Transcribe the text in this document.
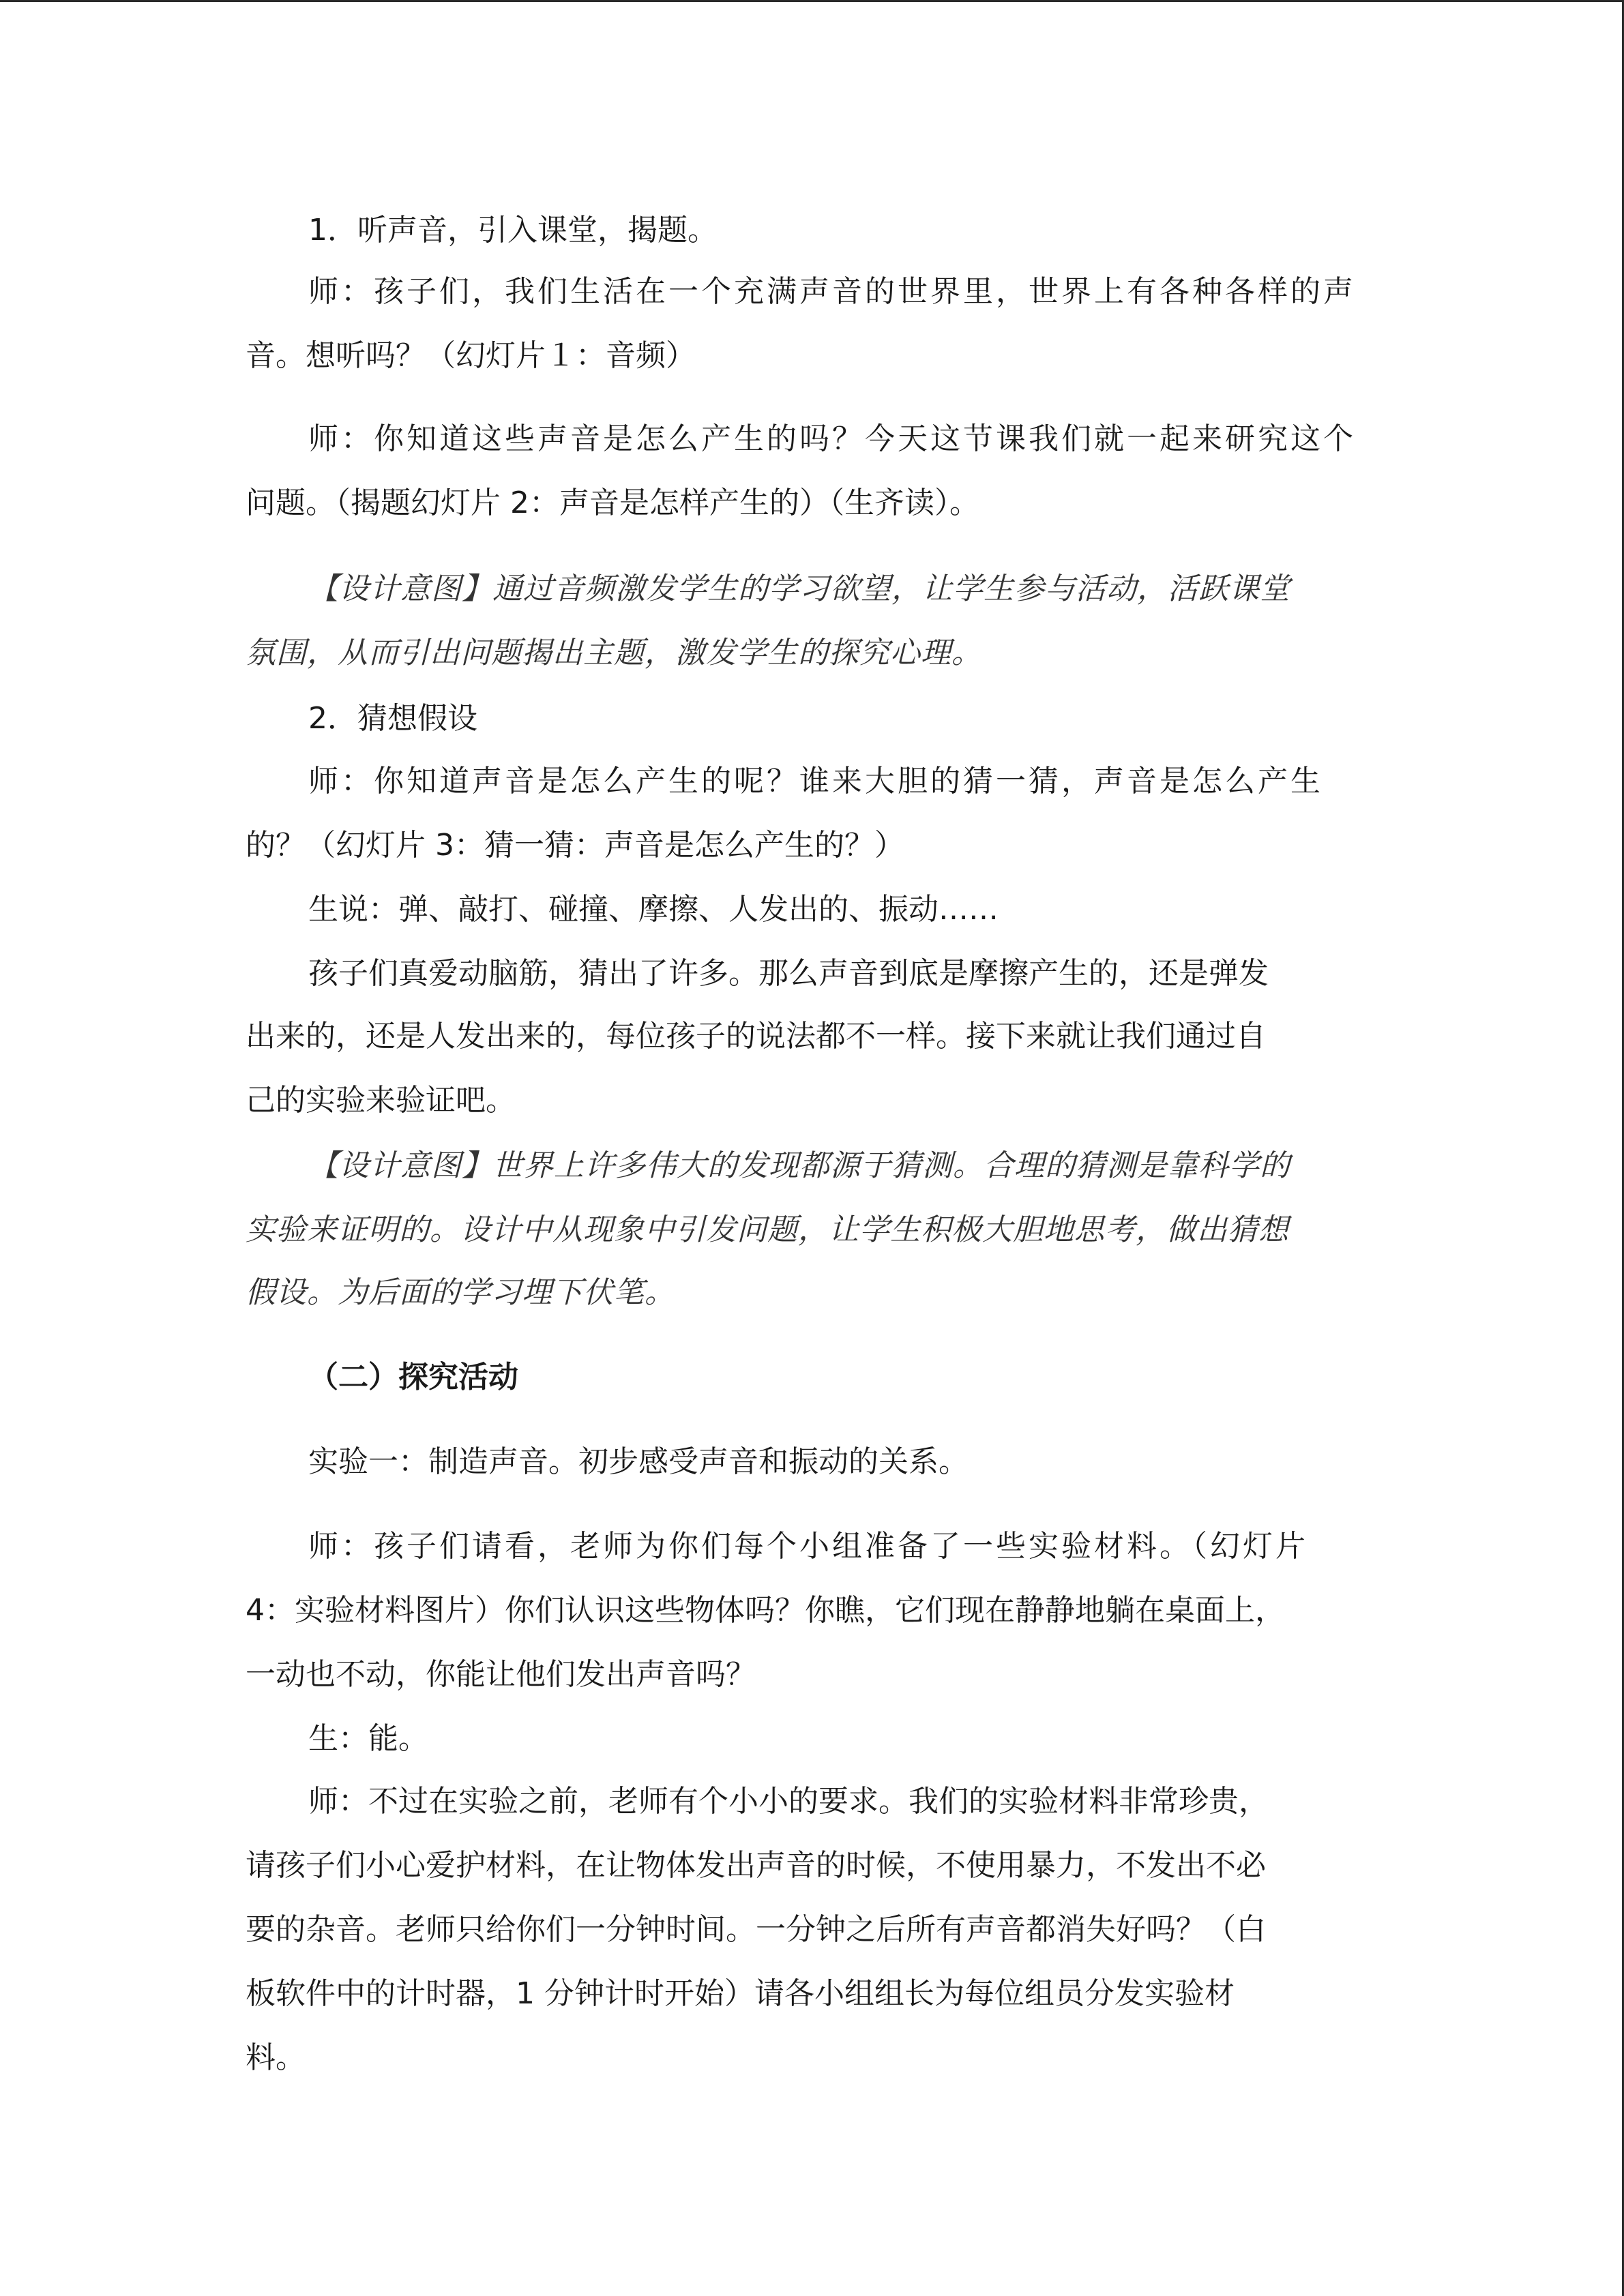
1．听声音，引入课堂，揭题。

师：孩子们，我们生活在一个充满声音的世界里，世界上有各种各样的声

音。想听吗？（幻灯片１：音频）

师：你知道这些声音是怎么产生的吗？今天这节课我们就一起来研究这个

问题。（揭题幻灯片 2：声音是怎样产生的）（生齐读）。

【设计意图】通过音频激发学生的学习欲望，让学生参与活动，活跃课堂

氛围，从而引出问题揭出主题，激发学生的探究心理。

2．猜想假设

师：你知道声音是怎么产生的呢？谁来大胆的猜一猜，声音是怎么产生

的？（幻灯片 3：猜一猜：声音是怎么产生的？）

生说：弹、敲打、碰撞、摩擦、人发出的、振动……

孩子们真爱动脑筋，猜出了许多。那么声音到底是摩擦产生的，还是弹发

出来的，还是人发出来的，每位孩子的说法都不一样。接下来就让我们通过自

己的实验来验证吧。

【设计意图】世界上许多伟大的发现都源于猜测。合理的猜测是靠科学的

实验来证明的。设计中从现象中引发问题，让学生积极大胆地思考，做出猜想

假设。为后面的学习埋下伏笔。

（二）探究活动

实验一：制造声音。初步感受声音和振动的关系。

师：孩子们请看，老师为你们每个小组准备了一些实验材料。（幻灯片

4：实验材料图片）你们认识这些物体吗？你瞧，它们现在静静地躺在桌面上，

一动也不动，你能让他们发出声音吗？

生：能。

师：不过在实验之前，老师有个小小的要求。我们的实验材料非常珍贵，

请孩子们小心爱护材料，在让物体发出声音的时候，不使用暴力，不发出不必

要的杂音。老师只给你们一分钟时间。一分钟之后所有声音都消失好吗？（白

板软件中的计时器，1 分钟计时开始）请各小组组长为每位组员分发实验材

料。
